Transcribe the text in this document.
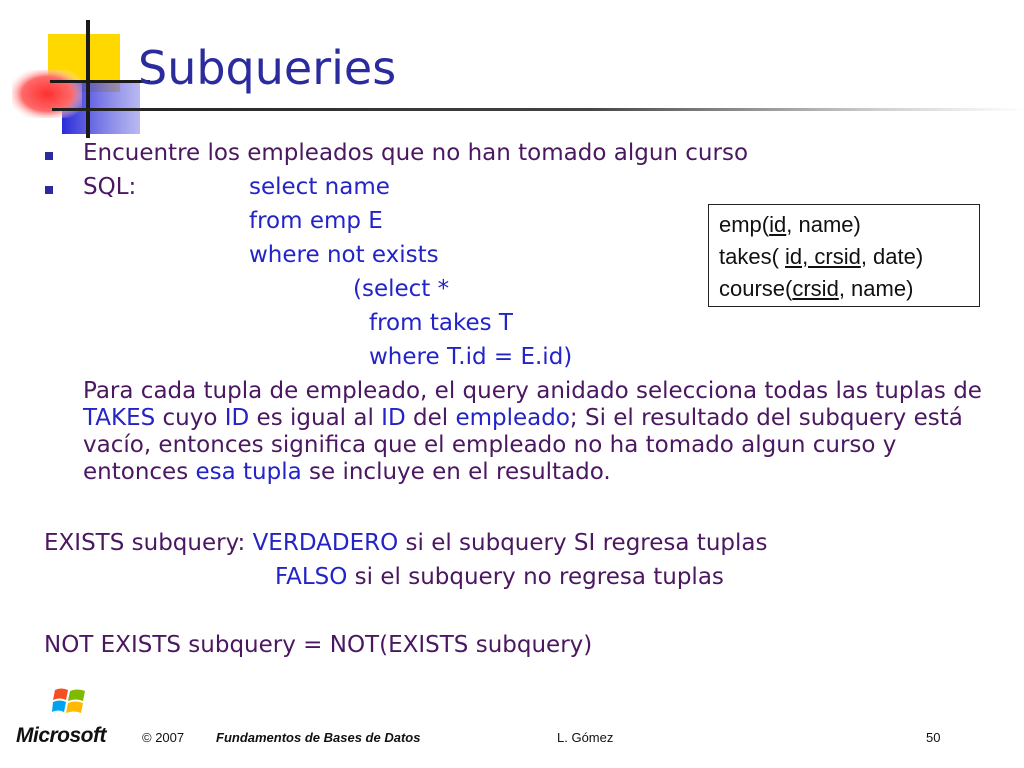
Subqueries
Encuentre los empleados que no han tomado algun curso
SQL:	select name
from emp E
where not exists
(select *
from takes T
where T.id = E.id)
emp(id, name)
takes( id, crsid, date)
course(crsid, name)
Para cada tupla de empleado, el query anidado selecciona todas las tuplas de TAKES cuyo ID es igual al ID del empleado; Si el resultado del subquery está vacío, entonces significa que el empleado no ha tomado algun curso y entonces esa tupla se incluye en el resultado.
EXISTS subquery: VERDADERO si el subquery SI regresa tuplas
FALSO si el subquery no regresa tuplas
NOT EXISTS subquery = NOT(EXISTS subquery)
Microsoft	© 2007 Fundamentos de Bases de Datos	L. Gómez	50
